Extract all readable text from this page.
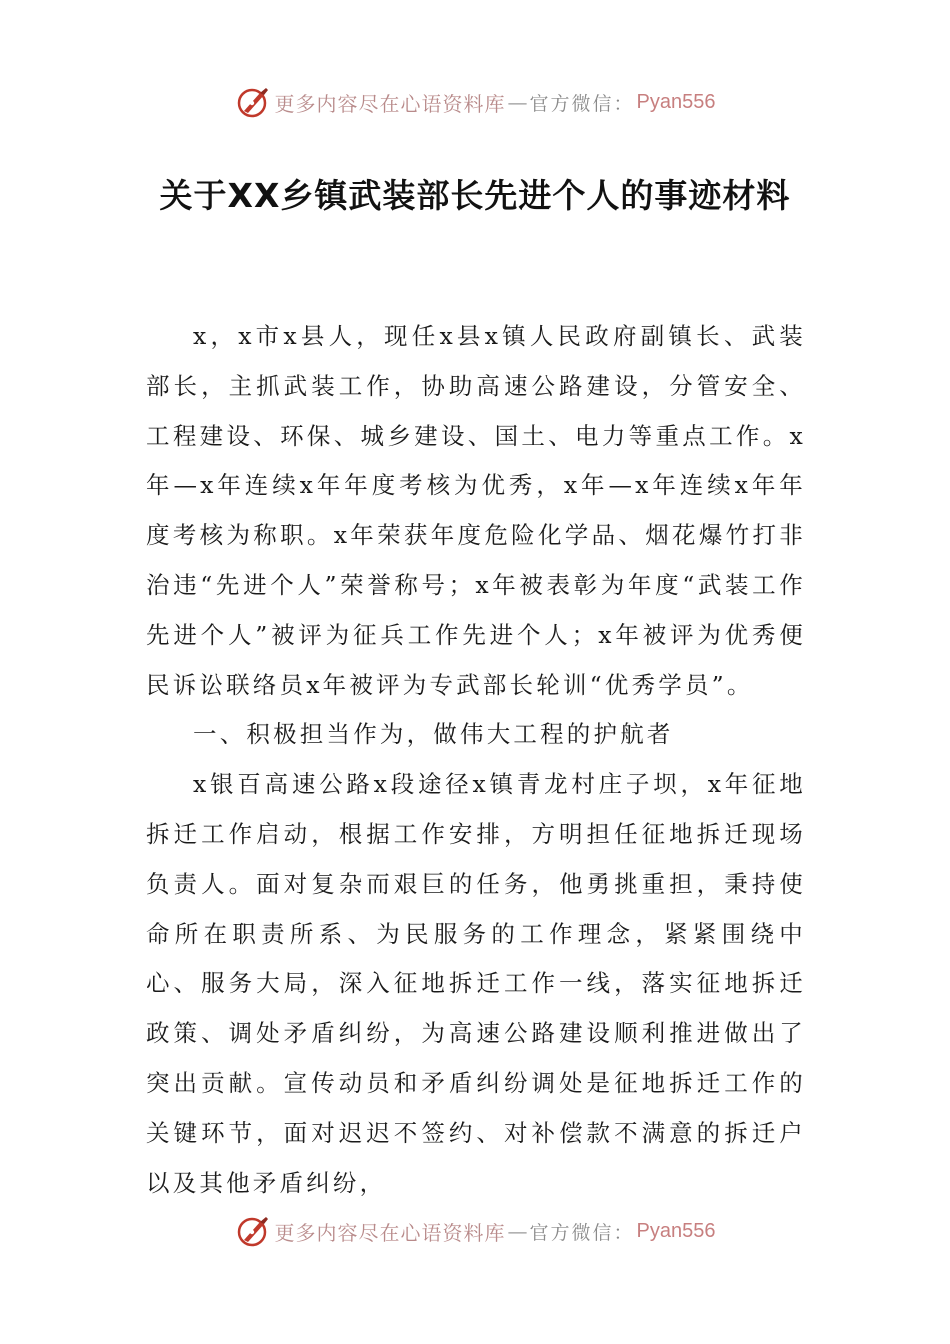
更多内容尽在心语资料库 — 官方微信： Pyan556
关于XX乡镇武装部长先进个人的事迹材料

x，x市x县人，现任x县x镇人民政府副镇长、武装部长，主抓武装工作，协助高速公路建设，分管安全、工程建设、环保、城乡建设、国土、电力等重点工作。x年—x年连续x年年度考核为优秀，x年—x年连续x年年度考核为称职。x年荣获年度危险化学品、烟花爆竹打非治违“先进个人”荣誉称号；x年被表彰为年度“武装工作先进个人”被评为征兵工作先进个人；x年被评为优秀便民诉讼联络员x年被评为专武部长轮训“优秀学员”。

一、积极担当作为，做伟大工程的护航者

x银百高速公路x段途径x镇青龙村庄子坝，x年征地拆迁工作启动，根据工作安排，方明担任征地拆迁现场负责人。面对复杂而艰巨的任务，他勇挑重担，秉持使命所在职责所系、为民服务的工作理念，紧紧围绕中心、服务大局，深入征地拆迁工作一线，落实征地拆迁政策、调处矛盾纠纷，为高速公路建设顺利推进做出了突出贡献。宣传动员和矛盾纠纷调处是征地拆迁工作的关键环节，面对迟迟不签约、对补偿款不满意的拆迁户以及其他矛盾纠纷，

更多内容尽在心语资料库 — 官方微信： Pyan556
